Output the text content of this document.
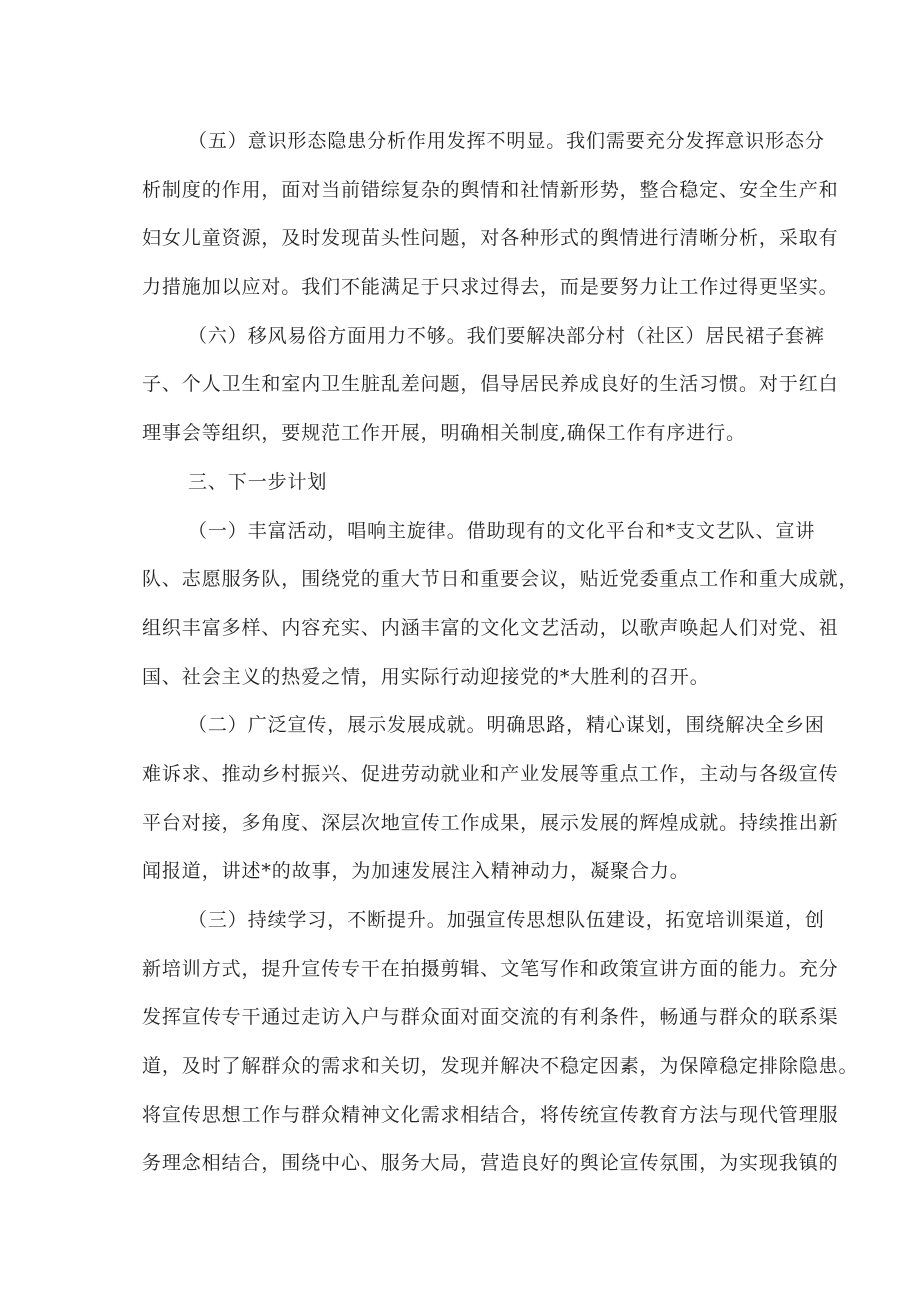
（五）意识形态隐患分析作用发挥不明显。我们需要充分发挥意识形态分
析制度的作用，面对当前错综复杂的舆情和社情新形势，整合稳定、安全生产和
妇女儿童资源，及时发现苗头性问题，对各种形式的舆情进行清晰分析，采取有
力措施加以应对。我们不能满足于只求过得去，而是要努力让工作过得更坚实。
（六）移风易俗方面用力不够。我们要解决部分村（社区）居民裙子套裤
子、个人卫生和室内卫生脏乱差问题，倡导居民养成良好的生活习惯。对于红白
理事会等组织，要规范工作开展，明确相关制度,确保工作有序进行。
三、下一步计划
（一）丰富活动，唱响主旋律。借助现有的文化平台和*支文艺队、宣讲
队、志愿服务队，围绕党的重大节日和重要会议，贴近党委重点工作和重大成就，
组织丰富多样、内容充实、内涵丰富的文化文艺活动，以歌声唤起人们对党、祖
国、社会主义的热爱之情，用实际行动迎接党的*大胜利的召开。
（二）广泛宣传，展示发展成就。明确思路，精心谋划，围绕解决全乡困
难诉求、推动乡村振兴、促进劳动就业和产业发展等重点工作，主动与各级宣传
平台对接，多角度、深层次地宣传工作成果，展示发展的辉煌成就。持续推出新
闻报道，讲述*的故事，为加速发展注入精神动力，凝聚合力。
（三）持续学习，不断提升。加强宣传思想队伍建设，拓宽培训渠道，创
新培训方式，提升宣传专干在拍摄剪辑、文笔写作和政策宣讲方面的能力。充分
发挥宣传专干通过走访入户与群众面对面交流的有利条件，畅通与群众的联系渠
道，及时了解群众的需求和关切，发现并解决不稳定因素，为保障稳定排除隐患。
将宣传思想工作与群众精神文化需求相结合，将传统宣传教育方法与现代管理服
务理念相结合，围绕中心、服务大局，营造良好的舆论宣传氛围，为实现我镇的
